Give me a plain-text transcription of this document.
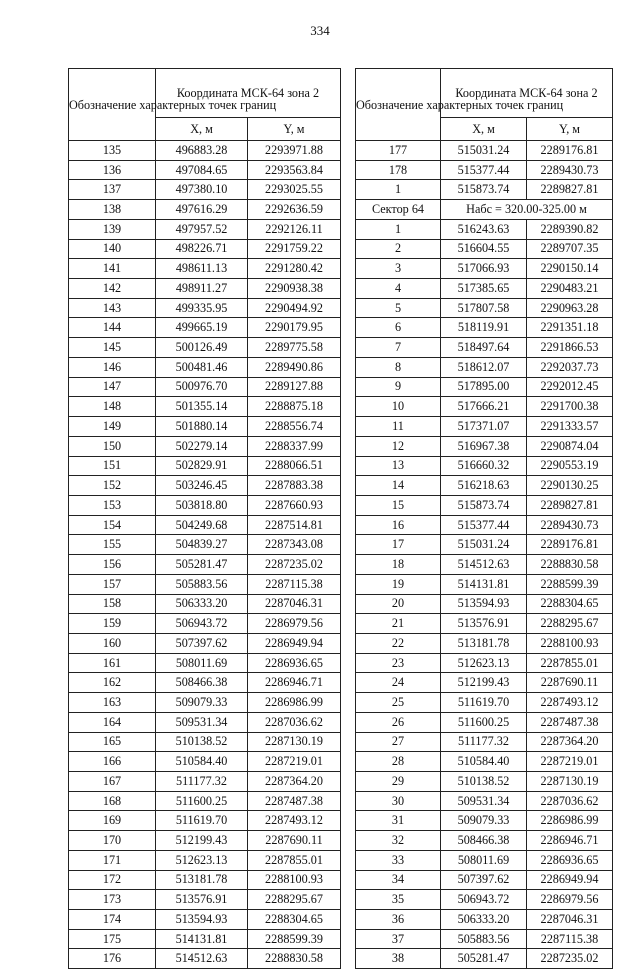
334
Обозначение характерных точек границ	Координата МСК-64 зона 2	
	X, м	Y, м
135	496883.28	2293971.88
136	497084.65	2293563.84
137	497380.10	2293025.55
138	497616.29	2292636.59
139	497957.52	2292126.11
140	498226.71	2291759.22
141	498611.13	2291280.42
142	498911.27	2290938.38
143	499335.95	2290494.92
144	499665.19	2290179.95
145	500126.49	2289775.58
146	500481.46	2289490.86
147	500976.70	2289127.88
148	501355.14	2288875.18
149	501880.14	2288556.74
150	502279.14	2288337.99
151	502829.91	2288066.51
152	503246.45	2287883.38
153	503818.80	2287660.93
154	504249.68	2287514.81
155	504839.27	2287343.08
156	505281.47	2287235.02
157	505883.56	2287115.38
158	506333.20	2287046.31
159	506943.72	2286979.56
160	507397.62	2286949.94
161	508011.69	2286936.65
162	508466.38	2286946.71
163	509079.33	2286986.99
164	509531.34	2287036.62
165	510138.52	2287130.19
166	510584.40	2287219.01
167	511177.32	2287364.20
168	511600.25	2287487.38
169	511619.70	2287493.12
170	512199.43	2287690.11
171	512623.13	2287855.01
172	513181.78	2288100.93
173	513576.91	2288295.67
174	513594.93	2288304.65
175	514131.81	2288599.39
176	514512.63	2288830.58
Обозначение характерных точек границ	Координата МСК-64 зона 2	
	X, м	Y, м
177	515031.24	2289176.81
178	515377.44	2289430.73
1	515873.74	2289827.81
Сектор 64	Набс = 320.00-325.00 м	
1	516243.63	2289390.82
2	516604.55	2289707.35
3	517066.93	2290150.14
4	517385.65	2290483.21
5	517807.58	2290963.28
6	518119.91	2291351.18
7	518497.64	2291866.53
8	518612.07	2292037.73
9	517895.00	2292012.45
10	517666.21	2291700.38
11	517371.07	2291333.57
12	516967.38	2290874.04
13	516660.32	2290553.19
14	516218.63	2290130.25
15	515873.74	2289827.81
16	515377.44	2289430.73
17	515031.24	2289176.81
18	514512.63	2288830.58
19	514131.81	2288599.39
20	513594.93	2288304.65
21	513576.91	2288295.67
22	513181.78	2288100.93
23	512623.13	2287855.01
24	512199.43	2287690.11
25	511619.70	2287493.12
26	511600.25	2287487.38
27	511177.32	2287364.20
28	510584.40	2287219.01
29	510138.52	2287130.19
30	509531.34	2287036.62
31	509079.33	2286986.99
32	508466.38	2286946.71
33	508011.69	2286936.65
34	507397.62	2286949.94
35	506943.72	2286979.56
36	506333.20	2287046.31
37	505883.56	2287115.38
38	505281.47	2287235.02
